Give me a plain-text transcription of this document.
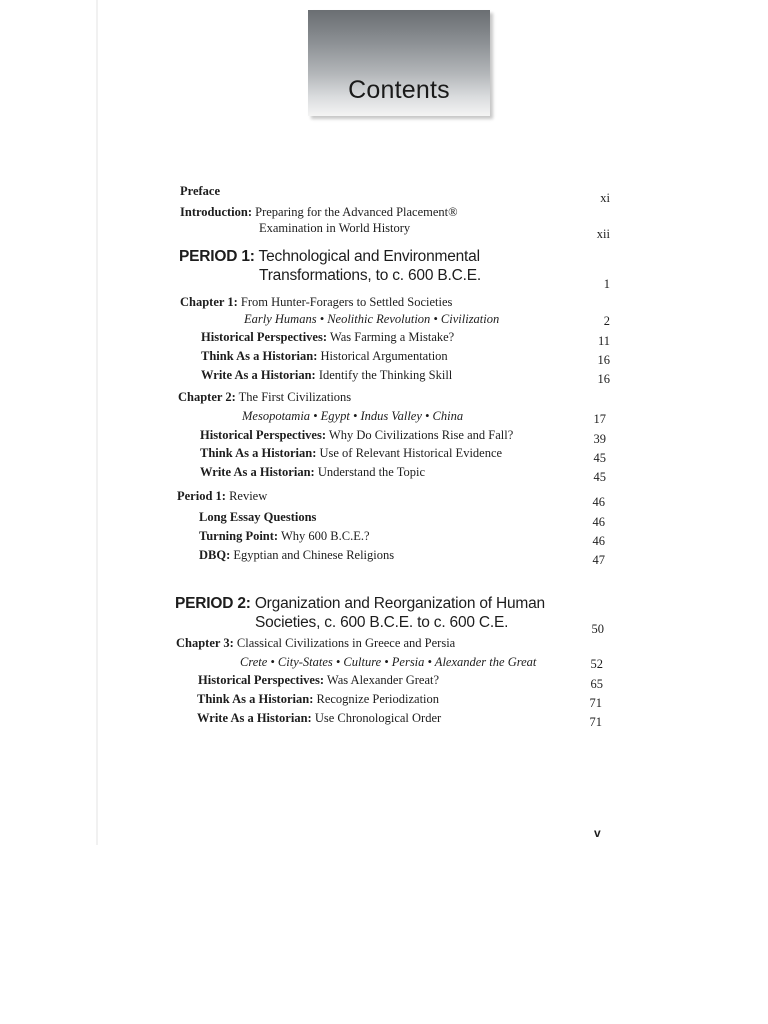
Contents
Preface	xi
Introduction: Preparing for the Advanced Placement®
Examination in World History	xii
PERIOD 1: Technological and Environmental
Transformations, to c. 600 B.C.E.	1
Chapter 1: From Hunter-Foragers to Settled Societies
Early Humans • Neolithic Revolution • Civilization	2
Historical Perspectives: Was Farming a Mistake?	11
Think As a Historian: Historical Argumentation	16
Write As a Historian: Identify the Thinking Skill	16
Chapter 2: The First Civilizations
Mesopotamia • Egypt • Indus Valley • China	17
Historical Perspectives: Why Do Civilizations Rise and Fall?	39
Think As a Historian: Use of Relevant Historical Evidence	45
Write As a Historian: Understand the Topic	45
Period 1: Review	46
Long Essay Questions	46
Turning Point: Why 600 B.C.E.?	46
DBQ: Egyptian and Chinese Religions	47
PERIOD 2: Organization and Reorganization of Human
Societies, c. 600 B.C.E. to c. 600 C.E.	50
Chapter 3: Classical Civilizations in Greece and Persia
Crete • City-States • Culture • Persia • Alexander the Great	52
Historical Perspectives: Was Alexander Great?	65
Think As a Historian: Recognize Periodization	71
Write As a Historian: Use Chronological Order	71
v
